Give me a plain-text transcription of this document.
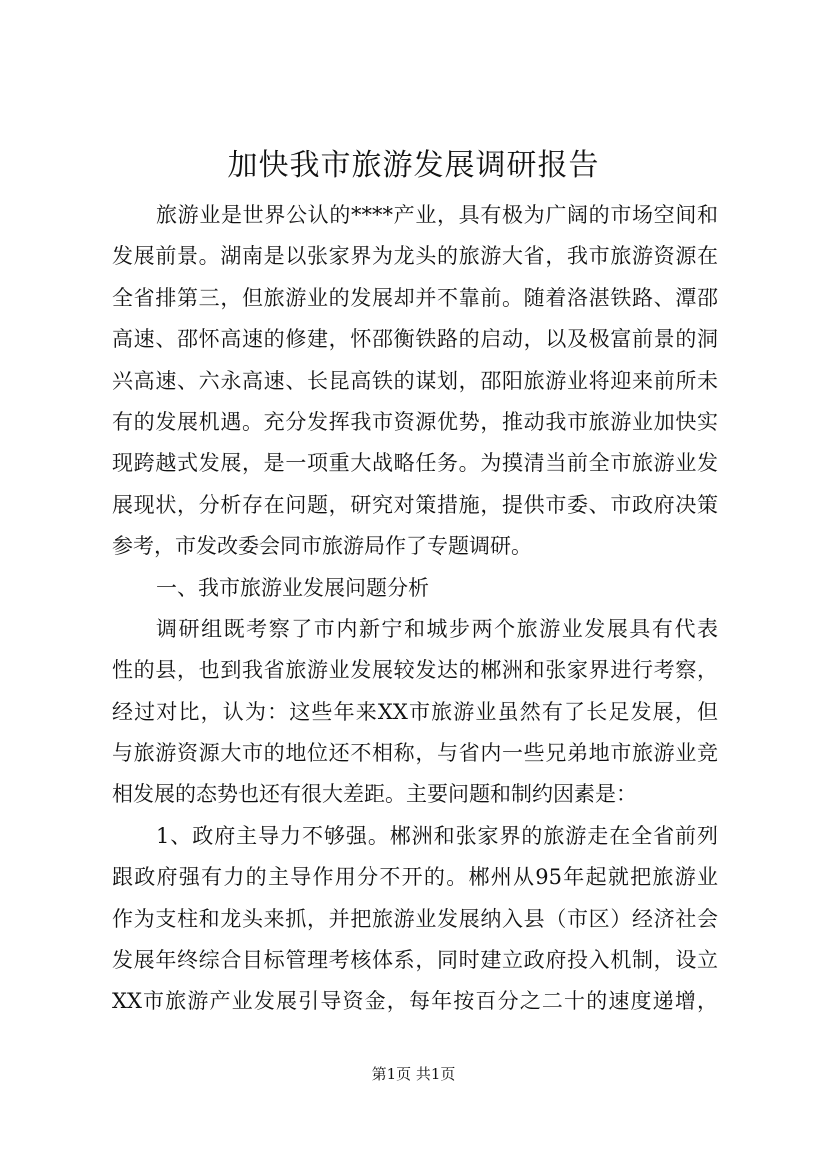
加快我市旅游发展调研报告
旅游业是世界公认的****产业，具有极为广阔的市场空间和
发展前景。湖南是以张家界为龙头的旅游大省，我市旅游资源在
全省排第三，但旅游业的发展却并不靠前。随着洛湛铁路、潭邵
高速、邵怀高速的修建，怀邵衡铁路的启动，以及极富前景的洞
兴高速、六永高速、长昆高铁的谋划，邵阳旅游业将迎来前所未
有的发展机遇。充分发挥我市资源优势，推动我市旅游业加快实
现跨越式发展，是一项重大战略任务。为摸清当前全市旅游业发
展现状，分析存在问题，研究对策措施，提供市委、市政府决策
参考，市发改委会同市旅游局作了专题调研。
一、我市旅游业发展问题分析
调研组既考察了市内新宁和城步两个旅游业发展具有代表
性的县，也到我省旅游业发展较发达的郴洲和张家界进行考察，
经过对比，认为：这些年来XX市旅游业虽然有了长足发展，但
与旅游资源大市的地位还不相称，与省内一些兄弟地市旅游业竞
相发展的态势也还有很大差距。主要问题和制约因素是：
1、政府主导力不够强。郴洲和张家界的旅游走在全省前列
跟政府强有力的主导作用分不开的。郴州从95年起就把旅游业
作为支柱和龙头来抓，并把旅游业发展纳入县（市区）经济社会
发展年终综合目标管理考核体系，同时建立政府投入机制，设立
XX市旅游产业发展引导资金，每年按百分之二十的速度递增，
第1页 共1页
